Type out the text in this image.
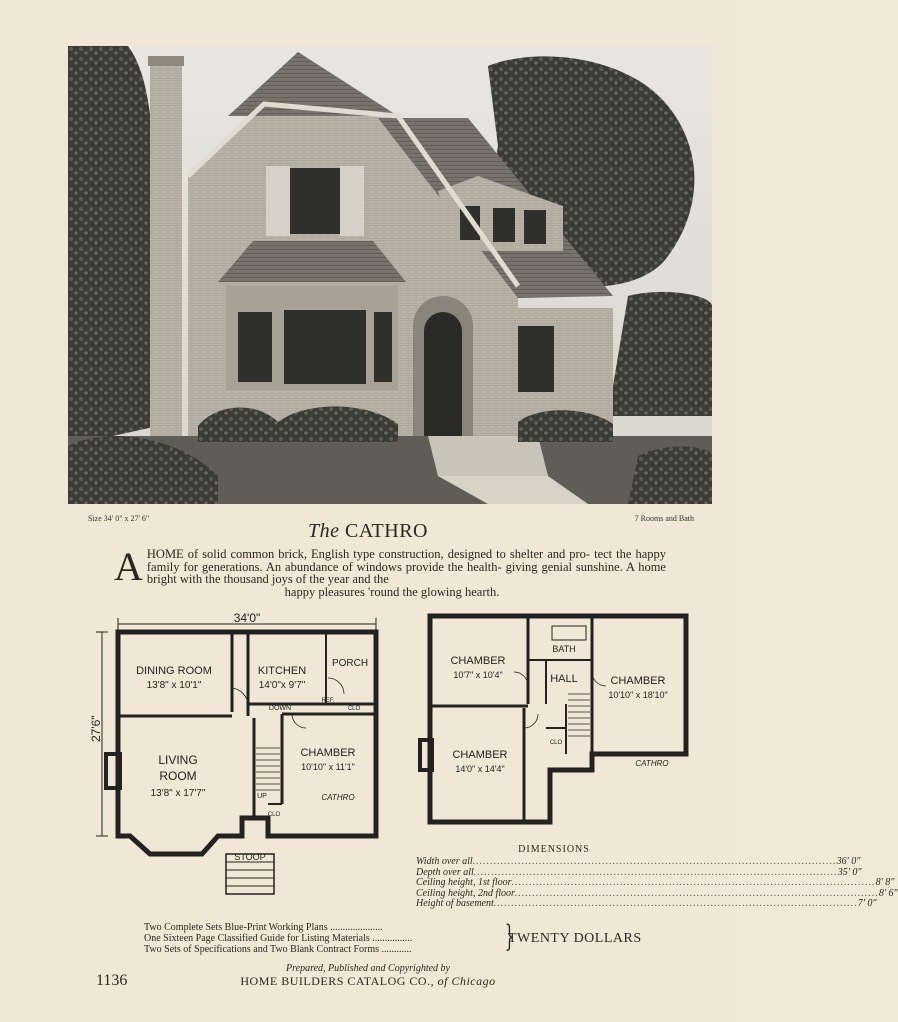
Size 34' 0" x 27' 6"	7 Rooms and Bath
The CATHRO
A HOME of solid common brick, English type construction, designed to shelter and pro- tect the happy family for generations. An abundance of windows provide the health- giving genial sunshine. A home bright with the thousand joys of the year and the
happy pleasures 'round the glowing hearth.
34'0"
27'6"
DINING ROOM
13'8" x 10'1"
KITCHEN
14'0"x 9'7"
PORCH
DOWN
REF.
CLO
LIVING
ROOM
13'8" x 17'7"
CHAMBER
10'10" x 11'1"
UP
CLO
CATHRO
STOOP
CHAMBER
10'7" x 10'4"
BATH
HALL	CHAMBER
10'10" x 18'10"
CHAMBER
14'0" x 14'4"
CLO
CATHRO
DIMENSIONS
Width over all .....	36' 0"
Depth over all .....	35' 0"
Ceiling height, 1st floor .....	8' 8"
Ceiling height, 2nd floor .....	8' 6"
Height of basement .....	7' 0"
Two Complete Sets Blue-Print Working Plans .....................
One Sixteen Page Classified Guide for Listing Materials ................
Two Sets of Specifications and Two Blank Contract Forms ............	}
TWENTY DOLLARS
1136
Prepared, Published and Copyrighted by
HOME BUILDERS CATALOG CO., of Chicago
